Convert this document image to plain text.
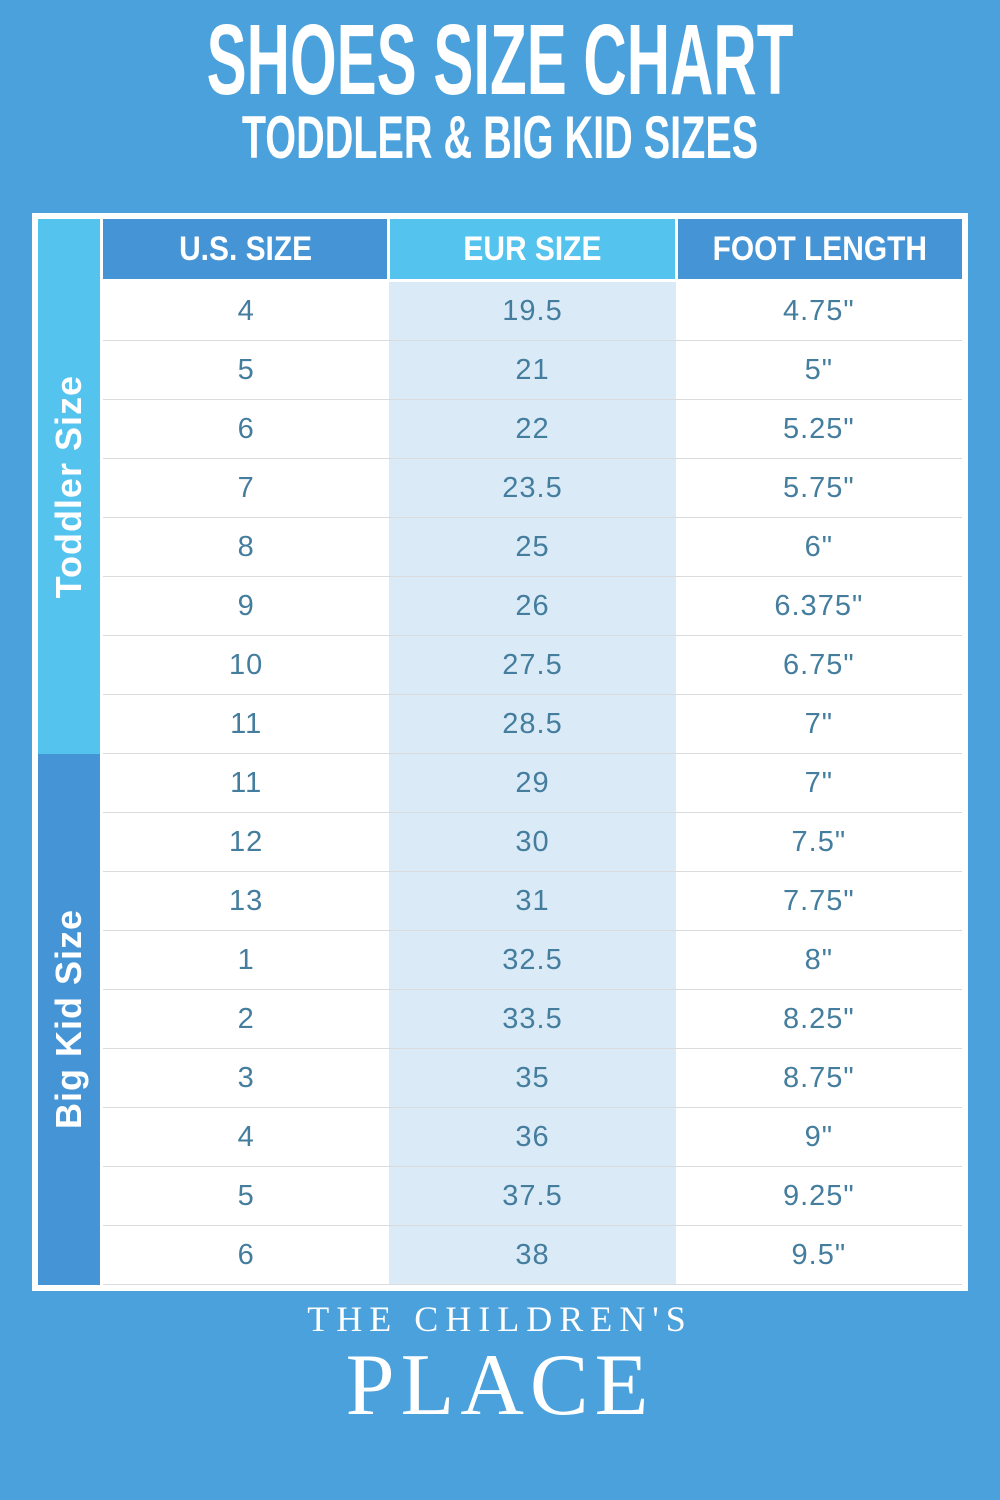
SHOES SIZE CHART
TODDLER & BIG KID SIZES
Toddler Size
Big Kid Size
U.S. SIZE	EUR SIZE	FOOT LENGTH
4	19.5	4.75"
5	21	5"
6	22	5.25"
7	23.5	5.75"
8	25	6"
9	26	6.375"
10	27.5	6.75"
11	28.5	7"
11	29	7"
12	30	7.5"
13	31	7.75"
1	32.5	8"
2	33.5	8.25"
3	35	8.75"
4	36	9"
5	37.5	9.25"
6	38	9.5"
THE CHILDREN'S
PLACE
